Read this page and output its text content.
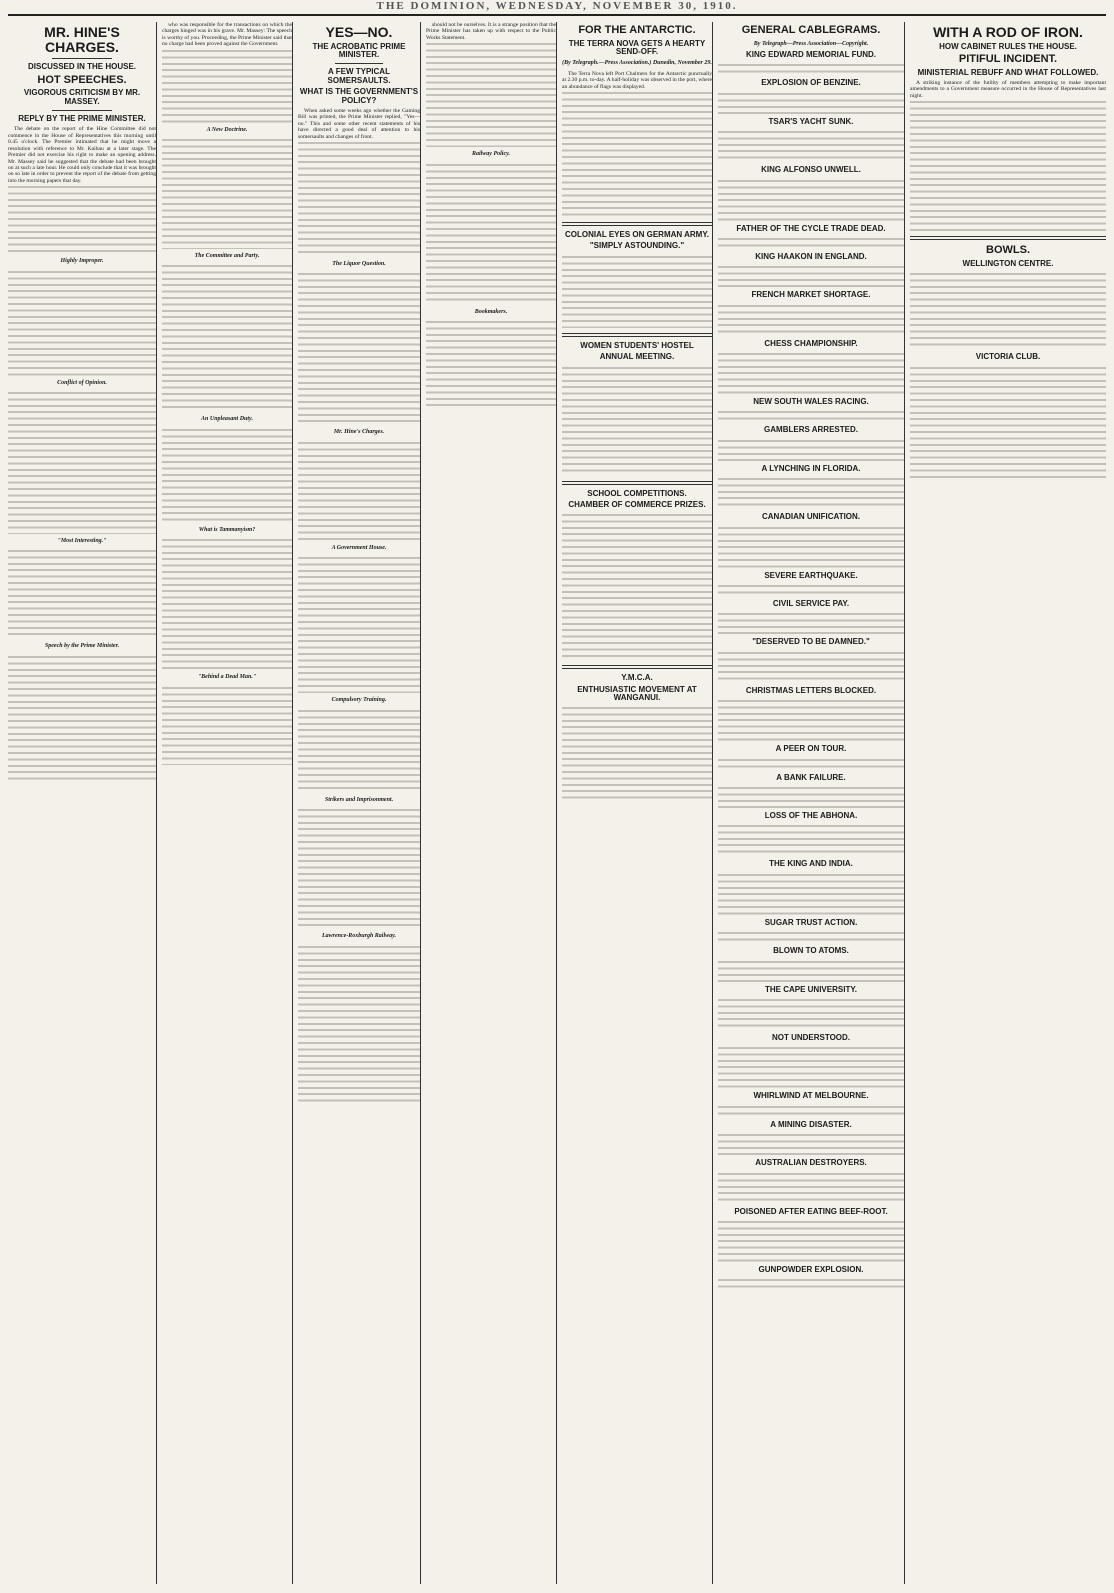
THE DOMINION, WEDNESDAY, NOVEMBER 30, 1910.
MR. HINE'S CHARGES.
DISCUSSED IN THE HOUSE.
HOT SPEECHES.
VIGOROUS CRITICISM BY MR. MASSEY.
REPLY BY THE PRIME MINISTER.

The debate on the report of the Hine Committee did not commence in the House of Representatives this morning until 0.45 o'clock. The Premier intimated that he might move a resolution with reference to Mr. Kaihau at a later stage. The Premier did not exercise his right to make an opening address. Mr. Massey said he suggested that the debate had been brought on at such a late hour. He could only conclude that it was brought on so late in order to prevent the report of the debate from getting into the morning papers that day.

Highly Improper.
Conflict of Opinion.
"Most Interesting."
Speech by the Prime Minister.

who was responsible for the transactions on which the charges hinged was in his grave. Mr. Massey: The speech is worthy of you. Proceeding, the Prime Minister said that no charge had been proved against the Government.

A New Doctrine.
The Committee and Party.
An Unpleasant Duty.
What is Tammanyism?
"Behind a Dead Man."
YES—NO.
THE ACROBATIC PRIME MINISTER.
A FEW TYPICAL SOMERSAULTS.
WHAT IS THE GOVERNMENT'S POLICY?

When asked some weeks ago whether the Gaming Bill was printed, the Prime Minister replied, "Yes—no." This and some other recent statements of his have directed a good deal of attention to his somersaults and changes of front.

The Liquor Question.
Mr. Hine's Charges.
A Government House.
Compulsory Training.
Strikers and Imprisonment.
Lawrence-Roxburgh Railway.

should not be ourselves. It is a strange position that the Prime Minister has taken up with respect to the Public Works Statement.

Railway Policy.
Bookmakers.
FOR THE ANTARCTIC.
THE TERRA NOVA GETS A HEARTY SEND-OFF.
(By Telegraph.—Press Association.) Dunedin, November 29.

The Terra Nova left Port Chalmers for the Antarctic punctually at 2.30 p.m. to-day. A half-holiday was observed in the port, where an abundance of flags was displayed.

COLONIAL EYES ON GERMAN ARMY.
"SIMPLY ASTOUNDING."
WOMEN STUDENTS' HOSTEL
ANNUAL MEETING.
SCHOOL COMPETITIONS.
CHAMBER OF COMMERCE PRIZES.
Y.M.C.A.
ENTHUSIASTIC MOVEMENT AT WANGANUI.
GENERAL CABLEGRAMS.
By Telegraph—Press Association—Copyright.
KING EDWARD MEMORIAL FUND.
EXPLOSION OF BENZINE.
TSAR'S YACHT SUNK.
KING ALFONSO UNWELL.
FATHER OF THE CYCLE TRADE DEAD.
KING HAAKON IN ENGLAND.
FRENCH MARKET SHORTAGE.
CHESS CHAMPIONSHIP.
NEW SOUTH WALES RACING.
GAMBLERS ARRESTED.
A LYNCHING IN FLORIDA.
CANADIAN UNIFICATION.
SEVERE EARTHQUAKE.
CIVIL SERVICE PAY.
"DESERVED TO BE DAMNED."
CHRISTMAS LETTERS BLOCKED.
A PEER ON TOUR.
A BANK FAILURE.
LOSS OF THE ABHONA.
THE KING AND INDIA.
SUGAR TRUST ACTION.
BLOWN TO ATOMS.
THE CAPE UNIVERSITY.
NOT UNDERSTOOD.
WHIRLWIND AT MELBOURNE.
A MINING DISASTER.
AUSTRALIAN DESTROYERS.
POISONED AFTER EATING BEEF-ROOT.
GUNPOWDER EXPLOSION.
WITH A ROD OF IRON.
HOW CABINET RULES THE HOUSE.
PITIFUL INCIDENT.
MINISTERIAL REBUFF AND WHAT FOLLOWED.

A striking instance of the futility of members attempting to make important amendments to a Government measure occurred in the House of Representatives last night.

BOWLS.
WELLINGTON CENTRE.
VICTORIA CLUB.
